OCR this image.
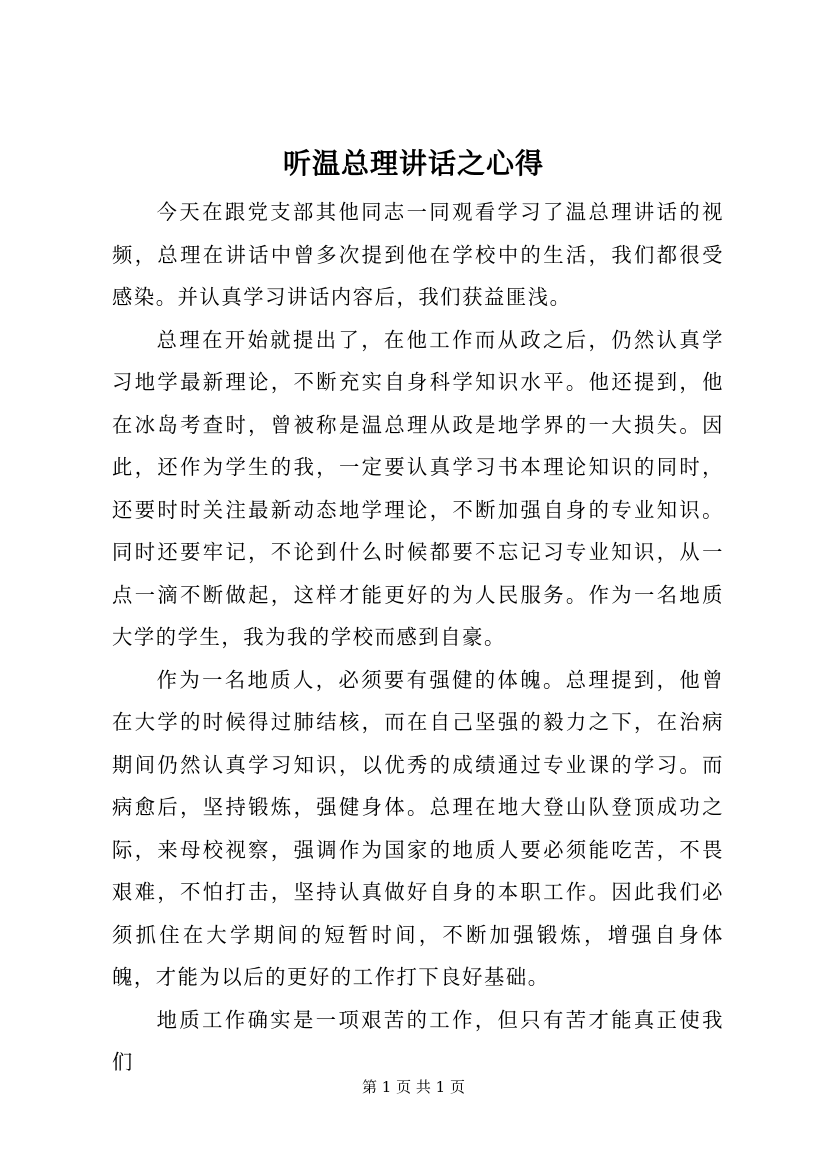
听温总理讲话之心得

今天在跟党支部其他同志一同观看学习了温总理讲话的视频，总理在讲话中曾多次提到他在学校中的生活，我们都很受感染。并认真学习讲话内容后，我们获益匪浅。

总理在开始就提出了，在他工作而从政之后，仍然认真学习地学最新理论，不断充实自身科学知识水平。他还提到，他在冰岛考查时，曾被称是温总理从政是地学界的一大损失。因此，还作为学生的我，一定要认真学习书本理论知识的同时，还要时时关注最新动态地学理论，不断加强自身的专业知识。同时还要牢记，不论到什么时候都要不忘记习专业知识，从一点一滴不断做起，这样才能更好的为人民服务。作为一名地质大学的学生，我为我的学校而感到自豪。

作为一名地质人，必须要有强健的体魄。总理提到，他曾在大学的时候得过肺结核，而在自己坚强的毅力之下，在治病期间仍然认真学习知识，以优秀的成绩通过专业课的学习。而病愈后，坚持锻炼，强健身体。总理在地大登山队登顶成功之际，来母校视察，强调作为国家的地质人要必须能吃苦，不畏艰难，不怕打击，坚持认真做好自身的本职工作。因此我们必须抓住在大学期间的短暂时间，不断加强锻炼，增强自身体魄，才能为以后的更好的工作打下良好基础。

地质工作确实是一项艰苦的工作，但只有苦才能真正使我们

第 1 页 共 1 页
